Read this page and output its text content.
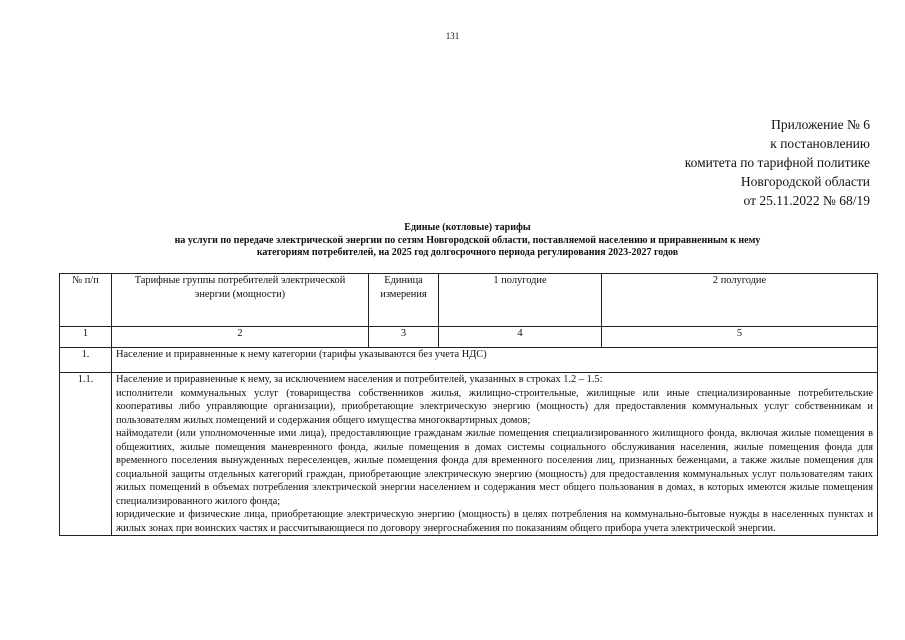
131
Приложение № 6
к постановлению
комитета по тарифной политике
Новгородской области
от 25.11.2022 № 68/19
Единые (котловые) тарифы
на услуги по передаче электрической энергии по сетям Новгородской области, поставляемой населению и приравненным к нему
категориям потребителей, на 2025 год долгосрочного периода регулирования 2023-2027 годов
№ п/п	Тарифные группы потребителей электрической энергии (мощности)	Единица измерения	1 полугодие	2 полугодие
1	2	3	4	5
1.	Население и приравненные к нему категории (тарифы указываются без учета НДС)			
1.1.	Население и приравненные к нему, за исключением населения и потребителей, указанных в строках 1.2 – 1.5:
исполнители коммунальных услуг (товарищества собственников жилья, жилищно-строительные, жилищные или иные специализированные потребительские кооперативы либо управляющие организации), приобретающие электрическую энергию (мощность) для предоставления коммунальных услуг собственникам и пользователям жилых помещений и содержания общего имущества многоквартирных домов;
наймодатели (или уполномоченные ими лица), предоставляющие гражданам жилые помещения специализированного жилищного фонда, включая жилые помещения в общежитиях, жилые помещения маневренного фонда, жилые помещения в домах системы социального обслуживания населения, жилые помещения фонда для временного поселения вынужденных переселенцев, жилые помещения фонда для временного поселения лиц, признанных беженцами, а также жилые помещения для социальной защиты отдельных категорий граждан, приобретающие электрическую энергию (мощность) для предоставления коммунальных услуг пользователям таких жилых помещений в объемах потребления электрической энергии населением и содержания мест общего пользования в домах, в которых имеются жилые помещения специализированного жилого фонда;
юридические и физические лица, приобретающие электрическую энергию (мощность) в целях потребления на коммунально-бытовые нужды в населенных пунктах и жилых зонах при воинских частях и рассчитывающиеся по договору энергоснабжения по показаниям общего прибора учета электрической энергии.			
